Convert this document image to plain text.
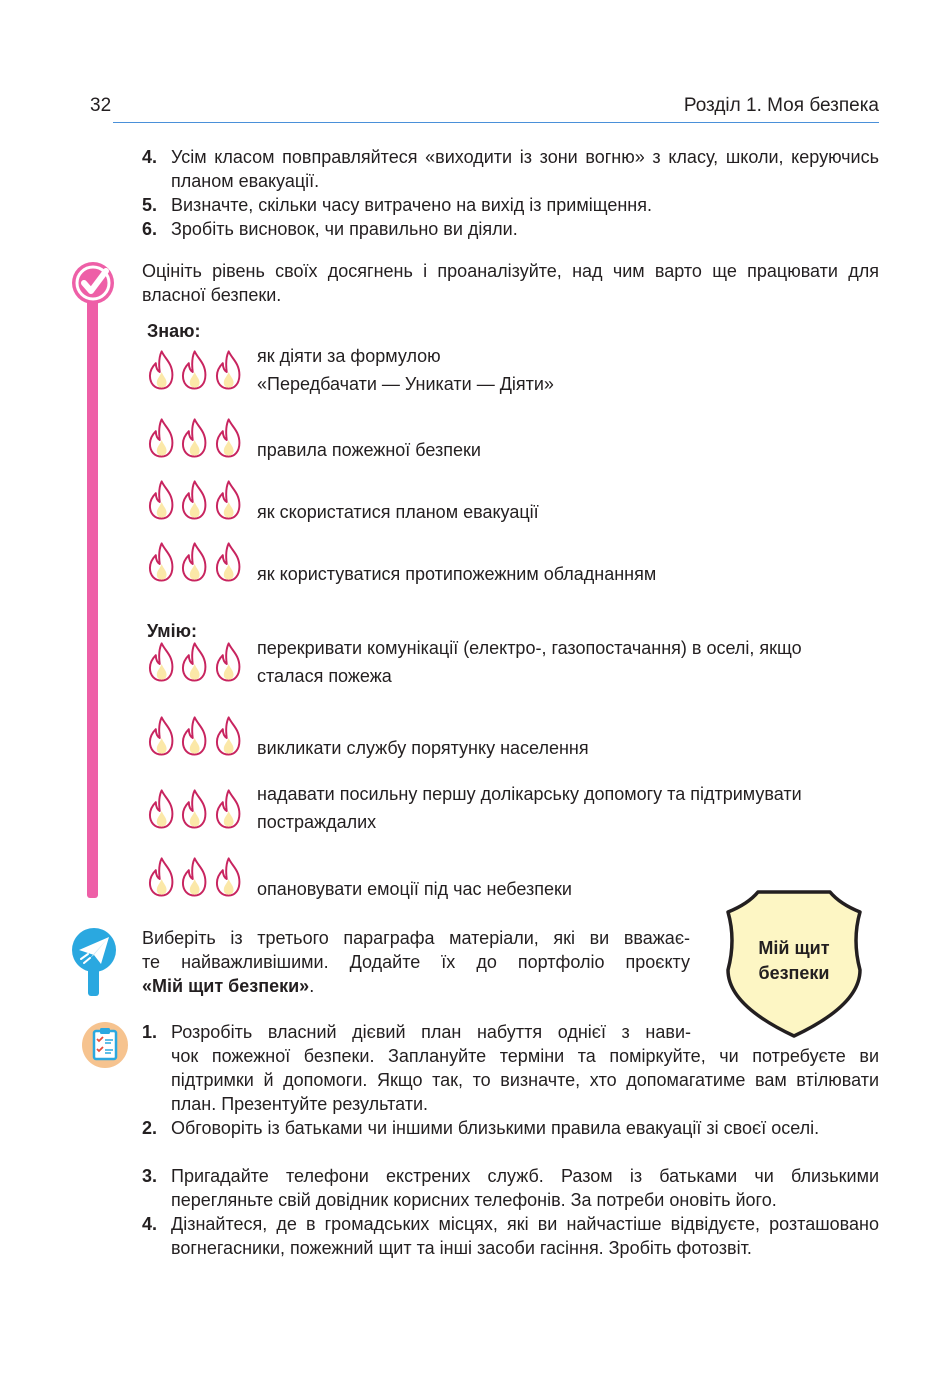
32	Розділ 1. Моя безпека
4. Усім класом повправляйтеся «виходити із зони вогню» з класу, школи, керуючись планом евакуації.
5. Визначте, скільки часу витрачено на вихід із приміщення.
6. Зробіть висновок, чи правильно ви діяли.
Оцініть рівень своїх досягнень і проаналізуйте, над чим варто ще працювати для власної безпеки.
Знаю:
як діяти за формулою
«Передбачати — Уникати — Діяти»
правила пожежної безпеки
як скористатися планом евакуації
як користуватися протипожежним обладнанням
Умію:
перекривати комунікації (електро-, газопостачання) в оселі, якщо
сталася пожежа
викликати службу порятунку населення
надавати посильну першу долікарську допомогу та підтримувати
постраждалих
опановувати емоції під час небезпеки
Виберіть із третього параграфа матеріали, які ви вважає-
те найважливішими. Додайте їх до портфоліо проєкту
«Мій щит безпеки».
Мій щит
безпеки
1. Розробіть власний дієвий план набуття однієї з нави-
чок пожежної безпеки. Заплануйте терміни та поміркуйте, чи потребуєте ви підтримки й допомоги. Якщо так, то визначте, хто допомагатиме вам втілювати план. Презентуйте результати.
2. Обговоріть із батьками чи іншими близькими правила евакуації зі своєї оселі.
3. Пригадайте телефони екстрених служб. Разом із батьками чи близькими перегляньте свій довідник корисних телефонів. За потреби оновіть його.
4. Дізнайтеся, де в громадських місцях, які ви найчастіше відвідуєте, розташовано вогнегасники, пожежний щит та інші засоби гасіння. Зробіть фотозвіт.
